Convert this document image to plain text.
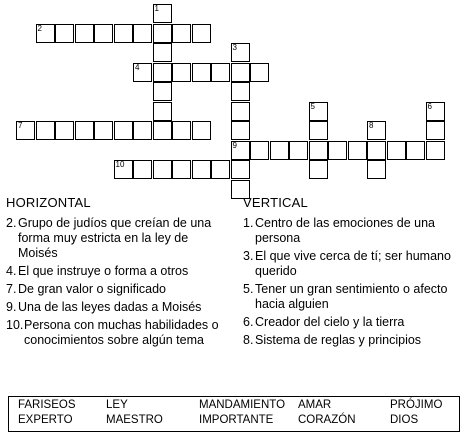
2
4
7
9
10
1
3
5
8
6
HORIZONTAL
2. Grupo de judíos que creían de una forma muy estricta en la ley de Moisés
4. El que instruye o forma a otros
7. De gran valor o significado
9. Una de las leyes dadas a Moisés
10. Persona con muchas habilidades o conocimientos sobre algún tema
VERTICAL
1. Centro de las emociones de una persona
3. El que vive cerca de tí; ser humano querido
5. Tener un gran sentimiento o afecto hacia alguien
6. Creador del cielo y la tierra
8. Sistema de reglas y principios
FARISEOS	LEY	MANDAMIENTO AMAR	PRÓJIMO
EXPERTO	MAESTRO	IMPORTANTE CORAZÓN	DIOS
